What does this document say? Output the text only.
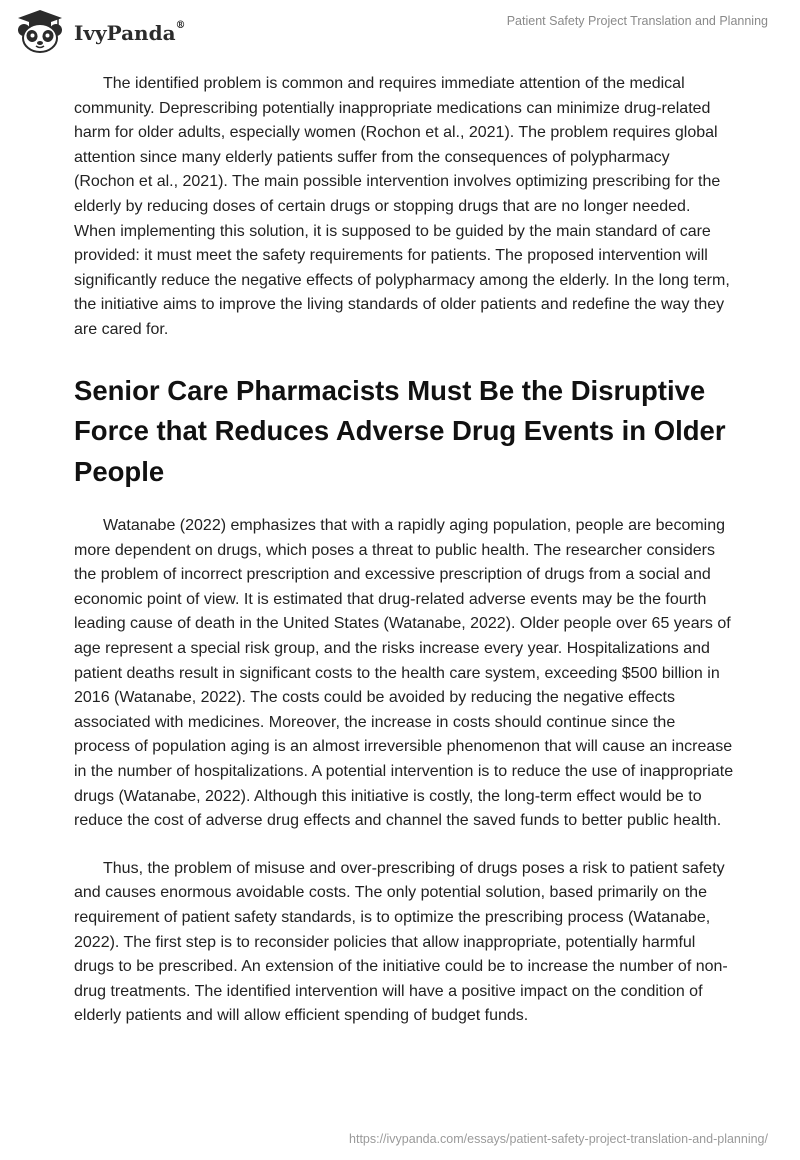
IvyPanda®	Patient Safety Project Translation and Planning

The identified problem is common and requires immediate attention of the medical community. Deprescribing potentially inappropriate medications can minimize drug-related harm for older adults, especially women (Rochon et al., 2021). The problem requires global attention since many elderly patients suffer from the consequences of polypharmacy (Rochon et al., 2021). The main possible intervention involves optimizing prescribing for the elderly by reducing doses of certain drugs or stopping drugs that are no longer needed. When implementing this solution, it is supposed to be guided by the main standard of care provided: it must meet the safety requirements for patients. The proposed intervention will significantly reduce the negative effects of polypharmacy among the elderly. In the long term, the initiative aims to improve the living standards of older patients and redefine the way they are cared for.

Senior Care Pharmacists Must Be the Disruptive Force that Reduces Adverse Drug Events in Older People

Watanabe (2022) emphasizes that with a rapidly aging population, people are becoming more dependent on drugs, which poses a threat to public health. The researcher considers the problem of incorrect prescription and excessive prescription of drugs from a social and economic point of view. It is estimated that drug-related adverse events may be the fourth leading cause of death in the United States (Watanabe, 2022). Older people over 65 years of age represent a special risk group, and the risks increase every year. Hospitalizations and patient deaths result in significant costs to the health care system, exceeding $500 billion in 2016 (Watanabe, 2022). The costs could be avoided by reducing the negative effects associated with medicines. Moreover, the increase in costs should continue since the process of population aging is an almost irreversible phenomenon that will cause an increase in the number of hospitalizations. A potential intervention is to reduce the use of inappropriate drugs (Watanabe, 2022). Although this initiative is costly, the long-term effect would be to reduce the cost of adverse drug effects and channel the saved funds to better public health.

Thus, the problem of misuse and over-prescribing of drugs poses a risk to patient safety and causes enormous avoidable costs. The only potential solution, based primarily on the requirement of patient safety standards, is to optimize the prescribing process (Watanabe, 2022). The first step is to reconsider policies that allow inappropriate, potentially harmful drugs to be prescribed. An extension of the initiative could be to increase the number of non-drug treatments. The identified intervention will have a positive impact on the condition of elderly patients and will allow efficient spending of budget funds.

https://ivypanda.com/essays/patient-safety-project-translation-and-planning/
